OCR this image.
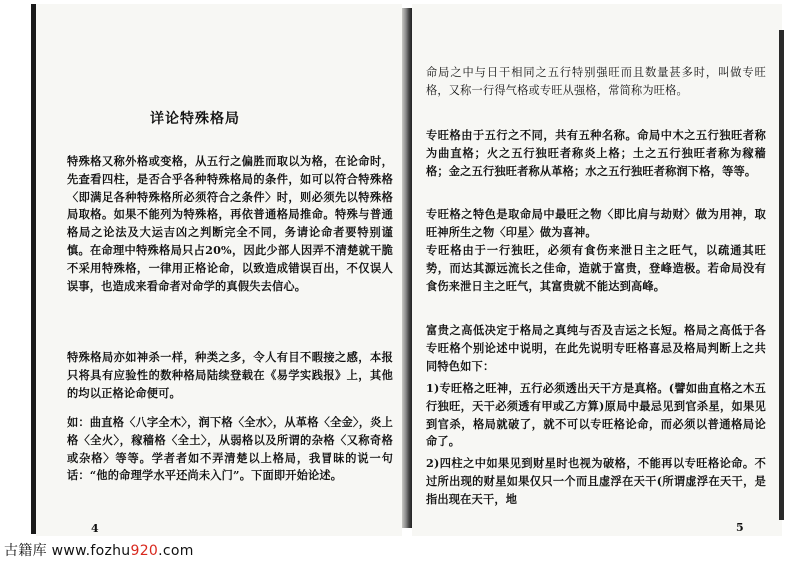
详论特殊格局

特殊格又称外格或变格，从五行之偏胜而取以为格，在论命时，先查看四柱，是否合乎各种特殊格局的条件，如可以符合特殊格〈即满足各种特殊格所必须符合之条件〉时，则必须先以特殊格局取格。如果不能列为特殊格，再依普通格局推命。特殊与普通格局之论法及大运吉凶之判断完全不同，务请论命者要特别谨慎。在命理中特殊格局只占20%，因此少部人因弄不清楚就干脆不采用特殊格，一律用正格论命，以致造成错误百出，不仅误人误事，也造成来看命者对命学的真假失去信心。

特殊格局亦如神杀一样，种类之多，令人有目不暇接之感，本报只将具有应验性的数种格局陆续登载在《易学实践报》上，其他的均以正格论命便可。

如：曲直格〈八字全木〉，润下格〈全水〉，从革格〈全金〉，炎上格〈全火〉，稼穑格〈全土〉，从弱格以及所谓的杂格〈又称奇格或杂格〉等等。学者者如不弄清楚以上格局，我冒昧的说一句话：“他的命理学水平还尚未入门”。下面即开始论述。

4

命局之中与日干相同之五行特别强旺而且数量甚多时，叫做专旺格，又称一行得气格或专旺从强格，常简称为旺格。

专旺格由于五行之不同，共有五种名称。命局中木之五行独旺者称为曲直格；火之五行独旺者称炎上格；土之五行独旺者称为稼穑格；金之五行独旺者称从革格；水之五行独旺者称润下格，等等。

专旺格之特色是取命局中最旺之物〈即比肩与劫财〉做为用神，取旺神所生之物〈印星〉做为喜神。

专旺格由于一行独旺，必须有食伤来泄日主之旺气，以疏通其旺势，而达其源远流长之佳命，造就于富贵，登峰造极。若命局没有食伤来泄日主之旺气，其富贵就不能达到高峰。

富贵之高低决定于格局之真纯与否及吉运之长短。格局之高低于各专旺格个别论述中说明，在此先说明专旺格喜忌及格局判断上之共同特色如下：

1)专旺格之旺神，五行必须透出天干方是真格。(譬如曲直格之木五行独旺，天干必须透有甲或乙方算)原局中最忌见到官杀星，如果见到官杀，格局就破了，就不可以专旺格论命，而必须以普通格局论命了。

2)四柱之中如果见到财星时也视为破格，不能再以专旺格论命。不过所出现的财星如果仅只一个而且虚浮在天干(所谓虚浮在天干，是指出现在天干，地

5
古籍库 www.fozhu920.com
